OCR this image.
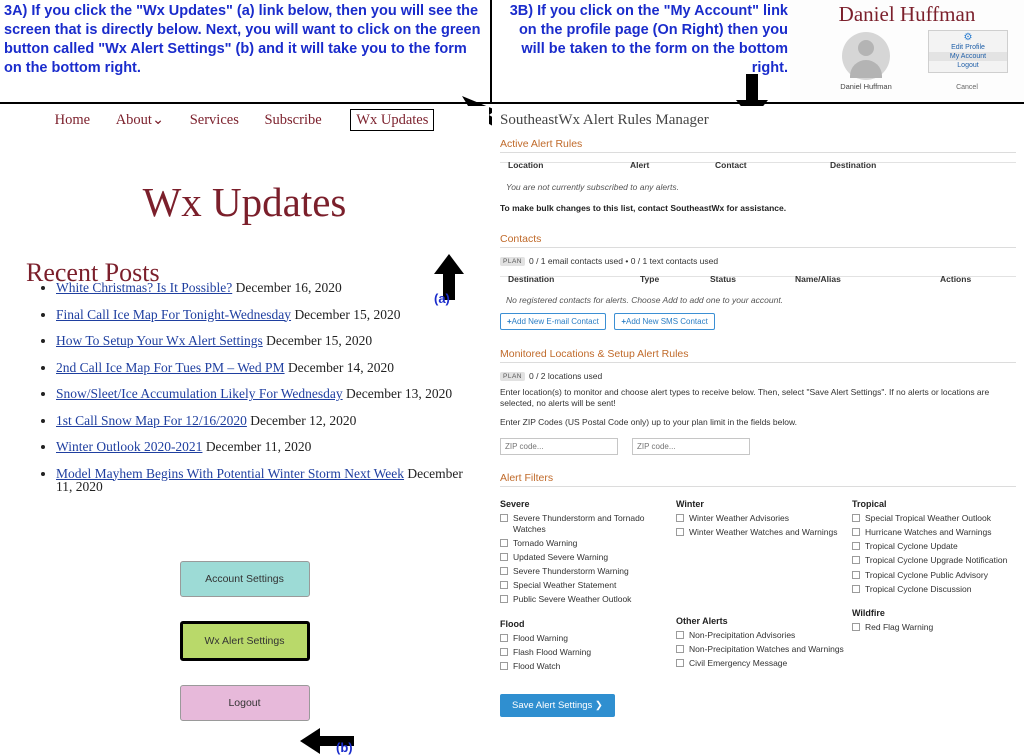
3A) If you click the "Wx Updates" (a) link below, then you will see the screen that is directly below. Next, you will want to click on the green button called "Wx Alert Settings" (b) and it will take you to the form on the bottom right.
3B) If you click on the "My Account" link on the profile page (On Right) then you will be taken to the form on the bottom right.
Daniel Huffman
Daniel Huffman
⚙
Edit Profile
My Account
Logout
Cancel
Home About⌄ Services Subscribe Wx Updates
(a)
Wx Updates
Recent Posts
• White Christmas? Is It Possible? December 16, 2020
• Final Call Ice Map For Tonight-Wednesday December 15, 2020
• How To Setup Your Wx Alert Settings December 15, 2020
• 2nd Call Ice Map For Tues PM – Wed PM December 14, 2020
• Snow/Sleet/Ice Accumulation Likely For Wednesday December 13, 2020
• 1st Call Snow Map For 12/16/2020 December 12, 2020
• Winter Outlook 2020-2021 December 11, 2020
• Model Mayhem Begins With Potential Winter Storm Next Week December 11, 2020
Account Settings
Wx Alert Settings
Logout
(b)
SoutheastWx Alert Rules Manager
Active Alert Rules
Location	Alert	Contact	Destination
You are not currently subscribed to any alerts.
To make bulk changes to this list, contact SoutheastWx for assistance.
Contacts
PLAN 0 / 1 email contacts used • 0 / 1 text contacts used
Destination	Type	Status	Name/Alias	Actions
No registered contacts for alerts. Choose Add to add one to your account.
+Add New E-mail Contact	+Add New SMS Contact
Monitored Locations & Setup Alert Rules
PLAN 0 / 2 locations used
Enter location(s) to monitor and choose alert types to receive below. Then, select "Save Alert Settings". If no alerts or locations are selected, no alerts will be sent!
Enter ZIP Codes (US Postal Code only) up to your plan limit in the fields below.
ZIP code...
ZIP code...
Alert Filters
Severe
Severe Thunderstorm and Tornado Watches
Tornado Warning
Updated Severe Warning
Severe Thunderstorm Warning
Special Weather Statement
Public Severe Weather Outlook
Flood
Flood Warning
Flash Flood Warning
Flood Watch
Winter
Winter Weather Advisories
Winter Weather Watches and Warnings
Other Alerts
Non-Precipitation Advisories
Non-Precipitation Watches and Warnings
Civil Emergency Message
Tropical
Special Tropical Weather Outlook
Hurricane Watches and Warnings
Tropical Cyclone Update
Tropical Cyclone Upgrade Notification
Tropical Cyclone Public Advisory
Tropical Cyclone Discussion
Wildfire
Red Flag Warning
Save Alert Settings ❯
